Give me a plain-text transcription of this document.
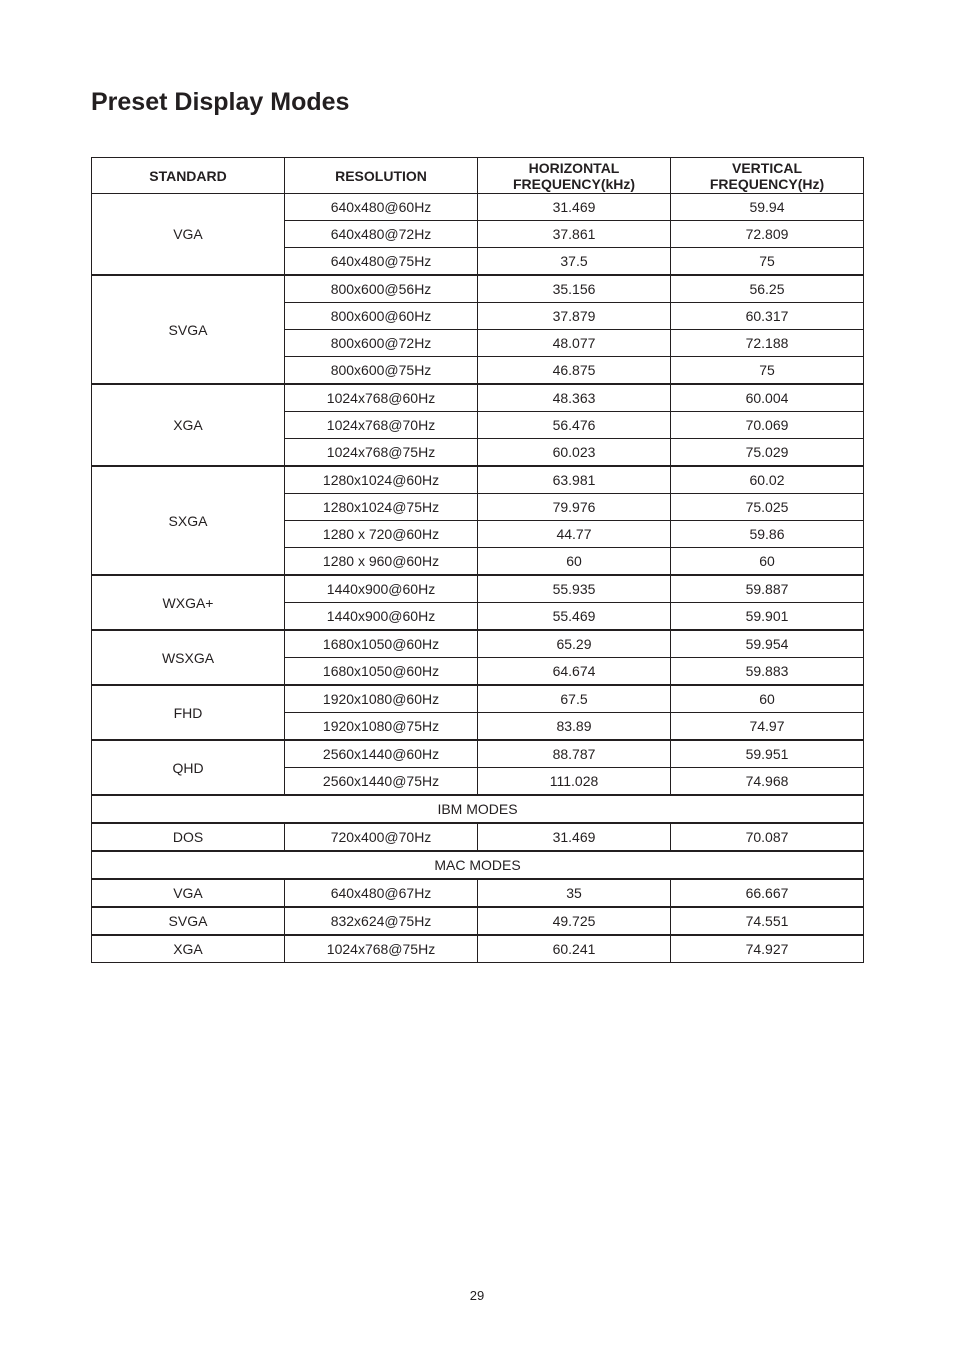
Preset Display Modes
STANDARD	RESOLUTION	HORIZONTAL FREQUENCY(kHz)	VERTICAL FREQUENCY(Hz)
VGA	640x480@60Hz	31.469	59.94
	640x480@72Hz	37.861	72.809
	640x480@75Hz	37.5	75
SVGA	800x600@56Hz	35.156	56.25
	800x600@60Hz	37.879	60.317
	800x600@72Hz	48.077	72.188
	800x600@75Hz	46.875	75
XGA	1024x768@60Hz	48.363	60.004
	1024x768@70Hz	56.476	70.069
	1024x768@75Hz	60.023	75.029
SXGA	1280x1024@60Hz	63.981	60.02
	1280x1024@75Hz	79.976	75.025
	1280 x 720@60Hz	44.77	59.86
	1280 x 960@60Hz	60	60
WXGA+	1440x900@60Hz	55.935	59.887
	1440x900@60Hz	55.469	59.901
WSXGA	1680x1050@60Hz	65.29	59.954
	1680x1050@60Hz	64.674	59.883
FHD	1920x1080@60Hz	67.5	60
	1920x1080@75Hz	83.89	74.97
QHD	2560x1440@60Hz	88.787	59.951
	2560x1440@75Hz	111.028	74.968
IBM MODES			
DOS	720x400@70Hz	31.469	70.087
MAC MODES			
VGA	640x480@67Hz	35	66.667
SVGA	832x624@75Hz	49.725	74.551
XGA	1024x768@75Hz	60.241	74.927
29
